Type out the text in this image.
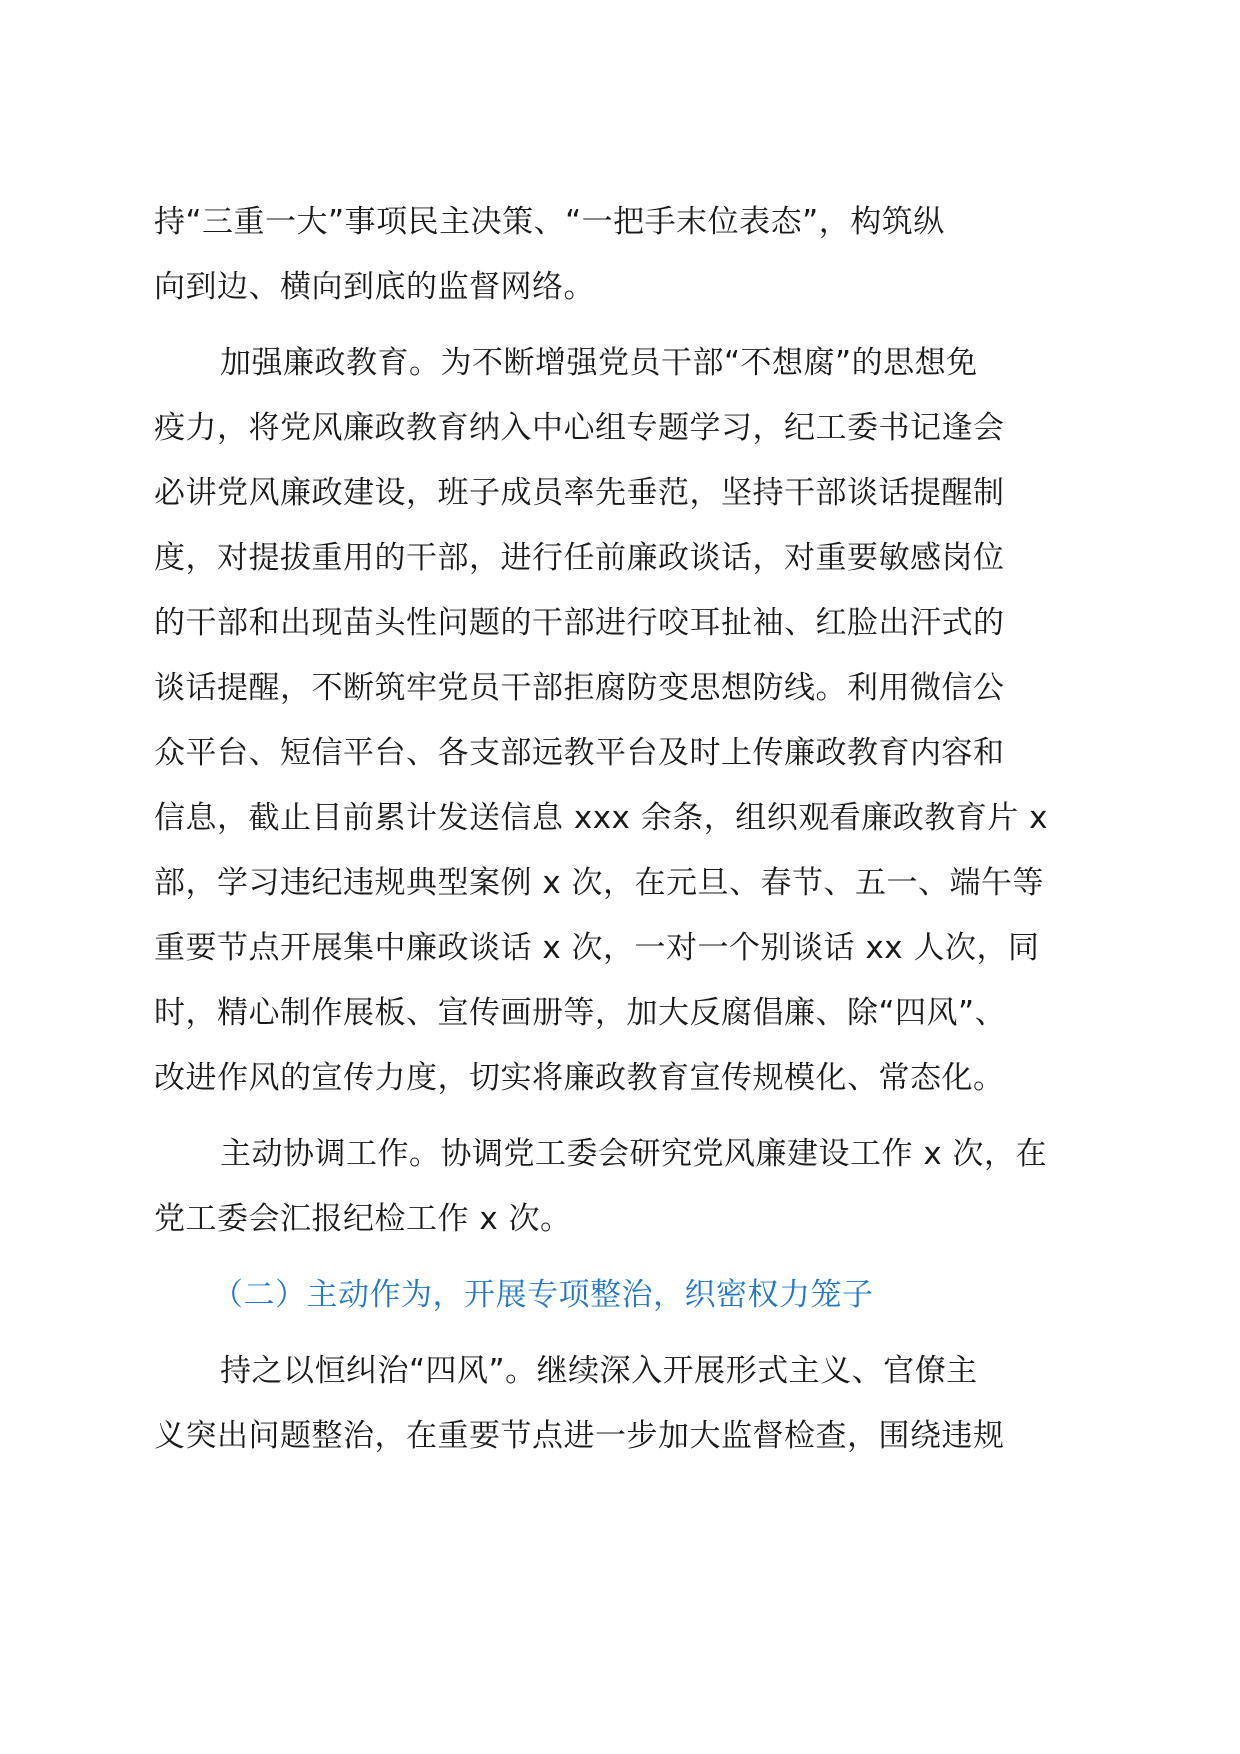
持“三重一大”事项民主决策、“一把手末位表态”，构筑纵
向到边、横向到底的监督网络。
加强廉政教育。为不断增强党员干部“不想腐”的思想免
疫力，将党风廉政教育纳入中心组专题学习，纪工委书记逢会
必讲党风廉政建设，班子成员率先垂范，坚持干部谈话提醒制
度，对提拔重用的干部，进行任前廉政谈话，对重要敏感岗位
的干部和出现苗头性问题的干部进行咬耳扯袖、红脸出汗式的
谈话提醒，不断筑牢党员干部拒腐防变思想防线。利用微信公
众平台、短信平台、各支部远教平台及时上传廉政教育内容和
信息，截止目前累计发送信息 xxx 余条，组织观看廉政教育片 x
部，学习违纪违规典型案例 x 次，在元旦、春节、五一、端午等
重要节点开展集中廉政谈话 x 次，一对一个别谈话 xx 人次，同
时，精心制作展板、宣传画册等，加大反腐倡廉、除“四风”、
改进作风的宣传力度，切实将廉政教育宣传规模化、常态化。
主动协调工作。协调党工委会研究党风廉建设工作 x 次，在
党工委会汇报纪检工作 x 次。
（二）主动作为，开展专项整治，织密权力笼子
持之以恒纠治“四风”。继续深入开展形式主义、官僚主
义突出问题整治，在重要节点进一步加大监督检查，围绕违规
